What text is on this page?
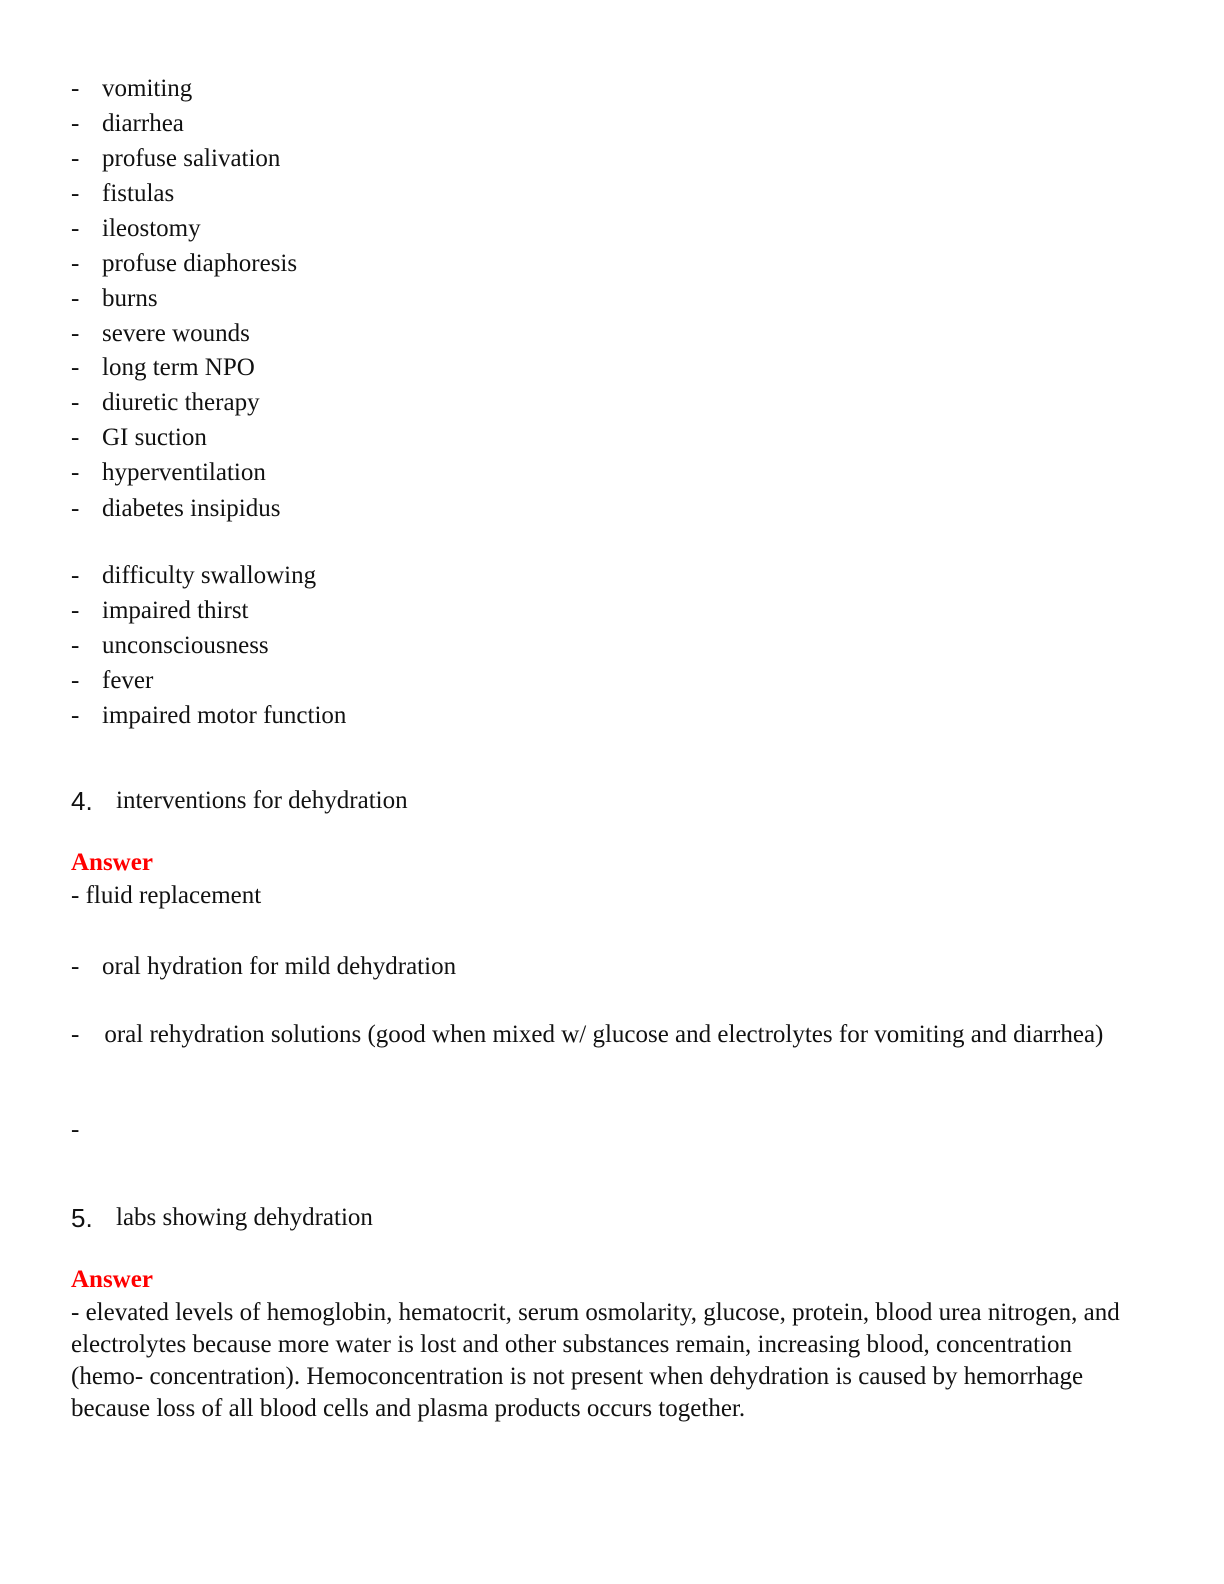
- vomiting
- diarrhea
- profuse salivation
- fistulas
- ileostomy
- profuse diaphoresis
- burns
- severe wounds
- long term NPO
- diuretic therapy
- GI suction
- hyperventilation
- diabetes insipidus
- difficulty swallowing
- impaired thirst
- unconsciousness
- fever
- impaired motor function
4. interventions for dehydration
Answer
- fluid replacement
- oral hydration for mild dehydration
- oral rehydration solutions (good when mixed w/ glucose and electrolytes for vomiting and diarrhea)
-
5. labs showing dehydration
Answer
- elevated levels of hemoglobin, hematocrit, serum osmolarity, glucose, protein, blood urea nitrogen, and electrolytes because more water is lost and other substances remain, increasing blood, concentration (hemo- concentration). Hemoconcentration is not present when dehydration is caused by hemorrhage because loss of all blood cells and plasma products occurs together.
